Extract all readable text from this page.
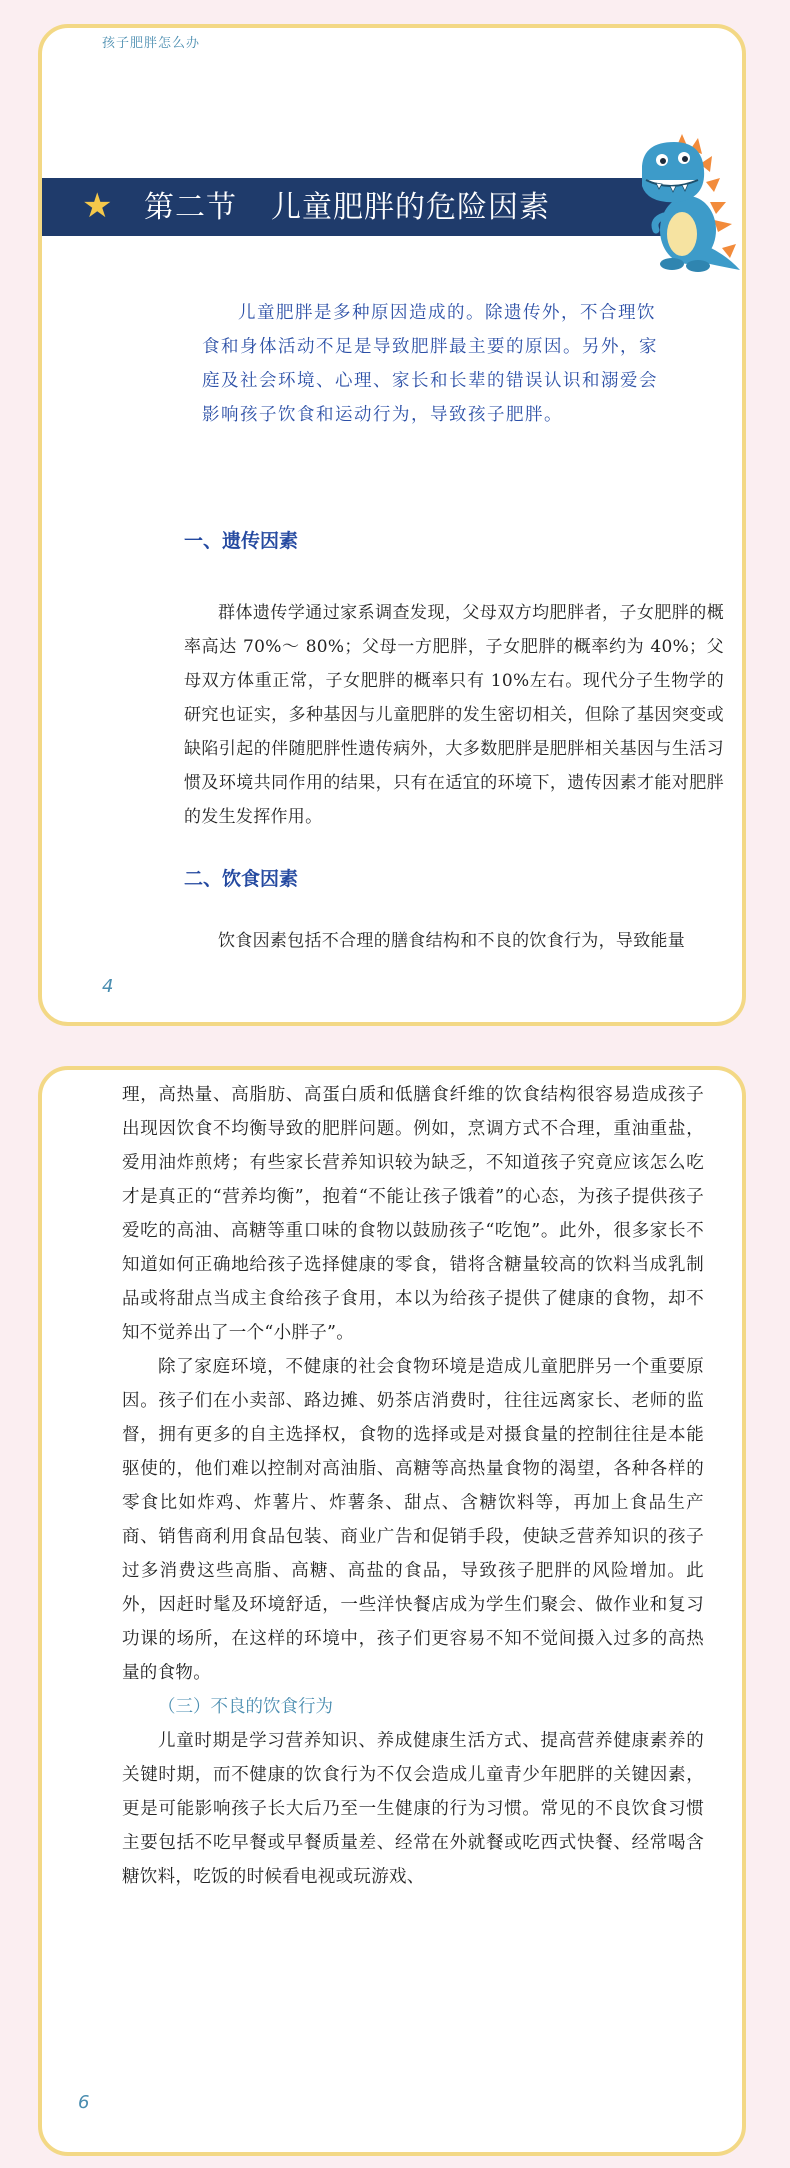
孩子肥胖怎么办
★ 第二节 儿童肥胖的危险因素

儿童肥胖是多种原因造成的。除遗传外，不合理饮食和身体活动不足是导致肥胖最主要的原因。另外，家庭及社会环境、心理、家长和长辈的错误认识和溺爱会影响孩子饮食和运动行为，导致孩子肥胖。

一、遗传因素

群体遗传学通过家系调查发现，父母双方均肥胖者，子女肥胖的概率高达 70%～ 80%；父母一方肥胖，子女肥胖的概率约为 40%；父母双方体重正常，子女肥胖的概率只有 10%左右。现代分子生物学的研究也证实，多种基因与儿童肥胖的发生密切相关，但除了基因突变或缺陷引起的伴随肥胖性遗传病外，大多数肥胖是肥胖相关基因与生活习惯及环境共同作用的结果，只有在适宜的环境下，遗传因素才能对肥胖的发生发挥作用。

二、饮食因素

饮食因素包括不合理的膳食结构和不良的饮食行为，导致能量

4

理，高热量、高脂肪、高蛋白质和低膳食纤维的饮食结构很容易造成孩子出现因饮食不均衡导致的肥胖问题。例如，烹调方式不合理，重油重盐，爱用油炸煎烤；有些家长营养知识较为缺乏，不知道孩子究竟应该怎么吃才是真正的“营养均衡”，抱着“不能让孩子饿着”的心态，为孩子提供孩子爱吃的高油、高糖等重口味的食物以鼓励孩子“吃饱”。此外，很多家长不知道如何正确地给孩子选择健康的零食，错将含糖量较高的饮料当成乳制品或将甜点当成主食给孩子食用，本以为给孩子提供了健康的食物，却不知不觉养出了一个“小胖子”。

除了家庭环境，不健康的社会食物环境是造成儿童肥胖另一个重要原因。孩子们在小卖部、路边摊、奶茶店消费时，往往远离家长、老师的监督，拥有更多的自主选择权，食物的选择或是对摄食量的控制往往是本能驱使的，他们难以控制对高油脂、高糖等高热量食物的渴望，各种各样的零食比如炸鸡、炸薯片、炸薯条、甜点、含糖饮料等，再加上食品生产商、销售商利用食品包装、商业广告和促销手段，使缺乏营养知识的孩子过多消费这些高脂、高糖、高盐的食品，导致孩子肥胖的风险增加。此外，因赶时髦及环境舒适，一些洋快餐店成为学生们聚会、做作业和复习功课的场所，在这样的环境中，孩子们更容易不知不觉间摄入过多的高热量的食物。

（三）不良的饮食行为

儿童时期是学习营养知识、养成健康生活方式、提高营养健康素养的关键时期，而不健康的饮食行为不仅会造成儿童青少年肥胖的关键因素，更是可能影响孩子长大后乃至一生健康的行为习惯。常见的不良饮食习惯主要包括不吃早餐或早餐质量差、经常在外就餐或吃西式快餐、经常喝含糖饮料，吃饭的时候看电视或玩游戏、

6
